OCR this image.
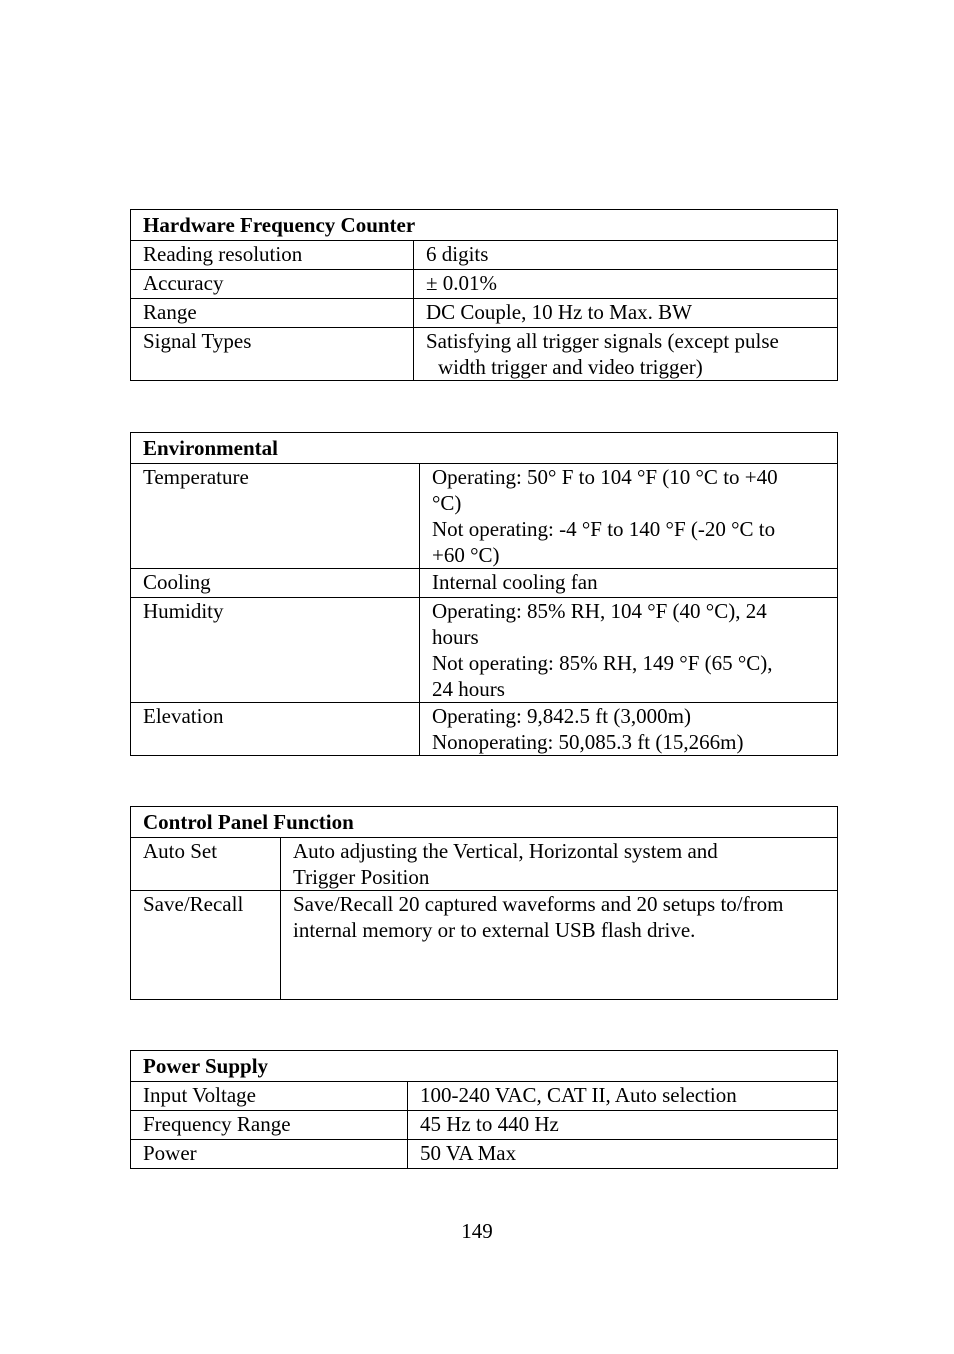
Hardware Frequency Counter	
Reading resolution	6 digits
Accuracy	± 0.01%
Range	DC Couple, 10 Hz to Max. BW
Signal Types	Satisfying all trigger signals (except pulse
width trigger and video trigger)
Environmental	
Temperature	Operating: 50° F to 104 °F (10 °C to +40
°C)
Not operating: -4 °F to 140 °F (-20 °C to
+60 °C)

Cooling	Internal cooling fan

Humidity	Operating: 85% RH, 104 °F (40 °C), 24
hours
Not operating: 85% RH, 149 °F (65 °C),
24 hours

Elevation	Operating: 9,842.5 ft (3,000m)
Nonoperating: 50,085.3 ft (15,266m)
Control Panel Function	
Auto Set	Auto adjusting the Vertical, Horizontal system and
Trigger Position

Save/Recall	Save/Recall 20 captured waveforms and 20 setups to/from
internal memory or to external USB flash drive.
Power Supply	
Input Voltage	100-240 VAC, CAT II, Auto selection
Frequency Range	45 Hz to 440 Hz
Power	50 VA Max
149
